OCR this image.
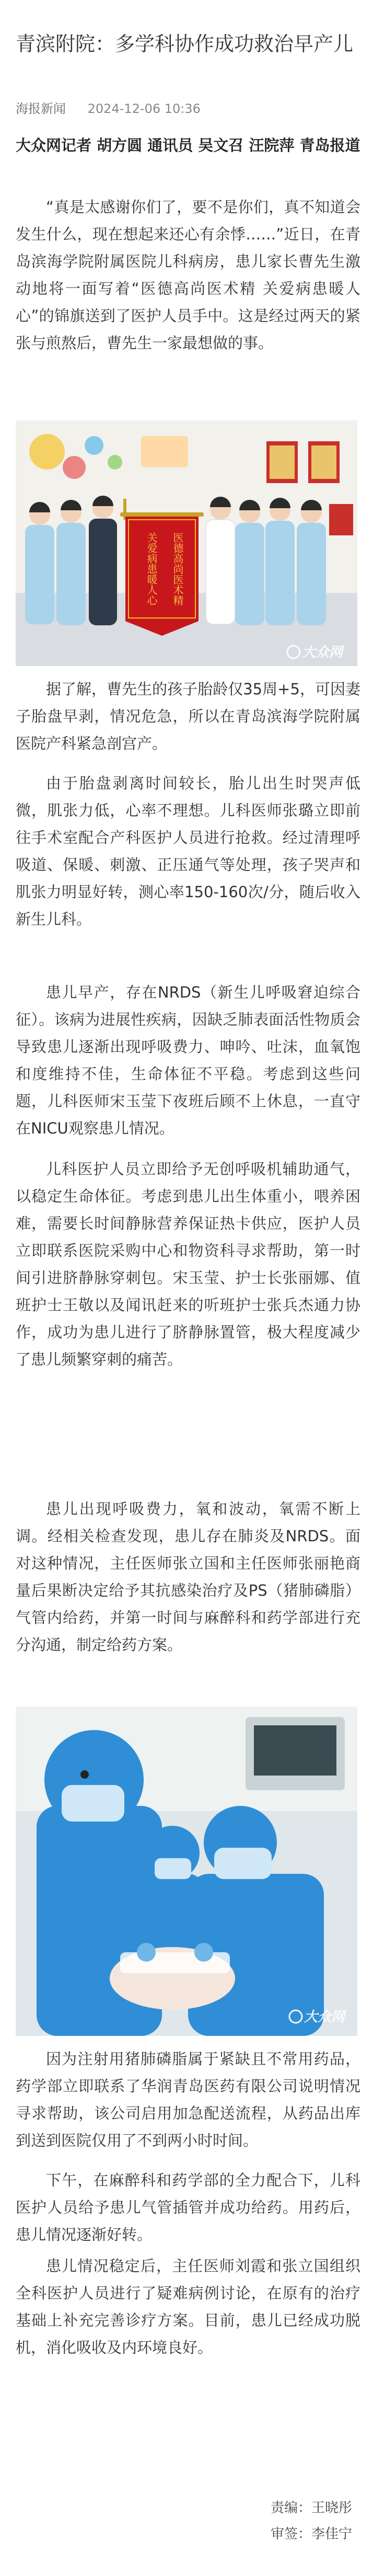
青滨附院：多学科协作成功救治早产儿
海报新闻 2024-12-06 10:36

大众网记者 胡方圆 通讯员 吴文召 汪院萍 青岛报道

“真是太感谢你们了，要不是你们，真不知道会发生什么，现在想起来还心有余悸……”近日，在青岛滨海学院附属医院儿科病房，患儿家长曹先生激动地将一面写着“医德高尚医术精 关爱病患暖人心”的锦旗送到了医护人员手中。这是经过两天的紧张与煎熬后，曹先生一家最想做的事。

医德高尚医术精
关爱病患暖人心
大众网

据了解，曹先生的孩子胎龄仅35周+5，可因妻子胎盘早剥，情况危急，所以在青岛滨海学院附属医院产科紧急剖宫产。

由于胎盘剥离时间较长，胎儿出生时哭声低微，肌张力低，心率不理想。儿科医师张璐立即前往手术室配合产科医护人员进行抢救。经过清理呼吸道、保暖、刺激、正压通气等处理，孩子哭声和肌张力明显好转，测心率150-160次/分，随后收入新生儿科。

患儿早产，存在NRDS（新生儿呼吸窘迫综合征）。该病为进展性疾病，因缺乏肺表面活性物质会导致患儿逐渐出现呼吸费力、呻吟、吐沫，血氧饱和度维持不佳，生命体征不平稳。考虑到这些问题，儿科医师宋玉莹下夜班后顾不上休息，一直守在NICU观察患儿情况。

儿科医护人员立即给予无创呼吸机辅助通气，以稳定生命体征。考虑到患儿出生体重小，喂养困难，需要长时间静脉营养保证热卡供应，医护人员立即联系医院采购中心和物资科寻求帮助，第一时间引进脐静脉穿刺包。宋玉莹、护士长张丽娜、值班护士王敬以及闻讯赶来的听班护士张兵杰通力协作，成功为患儿进行了脐静脉置管，极大程度减少了患儿频繁穿刺的痛苦。

患儿出现呼吸费力，氧和波动，氧需不断上调。经相关检查发现，患儿存在肺炎及NRDS。面对这种情况，主任医师张立国和主任医师张丽艳商量后果断决定给予其抗感染治疗及PS（猪肺磷脂）气管内给药，并第一时间与麻醉科和药学部进行充分沟通，制定给药方案。

大众网

因为注射用猪肺磷脂属于紧缺且不常用药品，药学部立即联系了华润青岛医药有限公司说明情况寻求帮助，该公司启用加急配送流程，从药品出库到送到医院仅用了不到两小时时间。

下午，在麻醉科和药学部的全力配合下，儿科医护人员给予患儿气管插管并成功给药。用药后，患儿情况逐渐好转。

患儿情况稳定后，主任医师刘霞和张立国组织全科医护人员进行了疑难病例讨论，在原有的治疗基础上补充完善诊疗方案。目前，患儿已经成功脱机，消化吸收及内环境良好。

责编：王晓彤
审签：李佳宁
